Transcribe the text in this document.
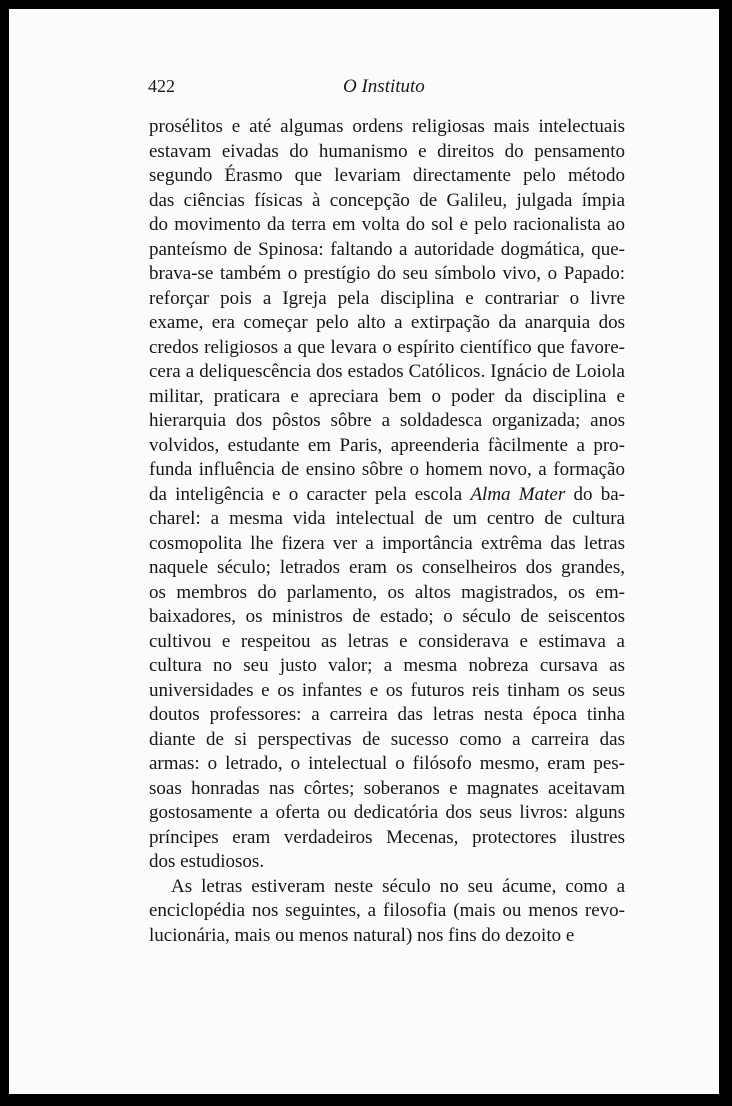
422	O Instituto
prosélitos e até algumas ordens religiosas mais intelectuais
estavam eivadas do humanismo e direitos do pensamento
segundo Érasmo que levariam directamente pelo método
das ciências físicas à concepção de Galileu, julgada ímpia
do movimento da terra em volta do sol e pelo racionalista ao
panteísmo de Spinosa: faltando a autoridade dogmática, que-
brava-se também o prestígio do seu símbolo vivo, o Papado:
reforçar pois a Igreja pela disciplina e contrariar o livre
exame, era começar pelo alto a extirpação da anarquia dos
credos religiosos a que levara o espírito científico que favore-
cera a deliquescência dos estados Católicos. Ignácio de Loiola
militar, praticara e apreciara bem o poder da disciplina e
hierarquia dos pôstos sôbre a soldadesca organizada; anos
volvidos, estudante em Paris, apreenderia fàcilmente a pro-
funda influência de ensino sôbre o homem novo, a formação
da inteligência e o caracter pela escola Alma Mater do ba-
charel: a mesma vida intelectual de um centro de cultura
cosmopolita lhe fizera ver a importância extrêma das letras
naquele século; letrados eram os conselheiros dos grandes,
os membros do parlamento, os altos magistrados, os em-
baixadores, os ministros de estado; o século de seiscentos
cultivou e respeitou as letras e considerava e estimava a
cultura no seu justo valor; a mesma nobreza cursava as
universidades e os infantes e os futuros reis tinham os seus
doutos professores: a carreira das letras nesta época tinha
diante de si perspectivas de sucesso como a carreira das
armas: o letrado, o intelectual o filósofo mesmo, eram pes-
soas honradas nas côrtes; soberanos e magnates aceitavam
gostosamente a oferta ou dedicatória dos seus livros: alguns
príncipes eram verdadeiros Mecenas, protectores ilustres
dos estudiosos.
As letras estiveram neste século no seu ácume, como a
enciclopédia nos seguintes, a filosofia (mais ou menos revo-
lucionária, mais ou menos natural) nos fins do dezoito e
